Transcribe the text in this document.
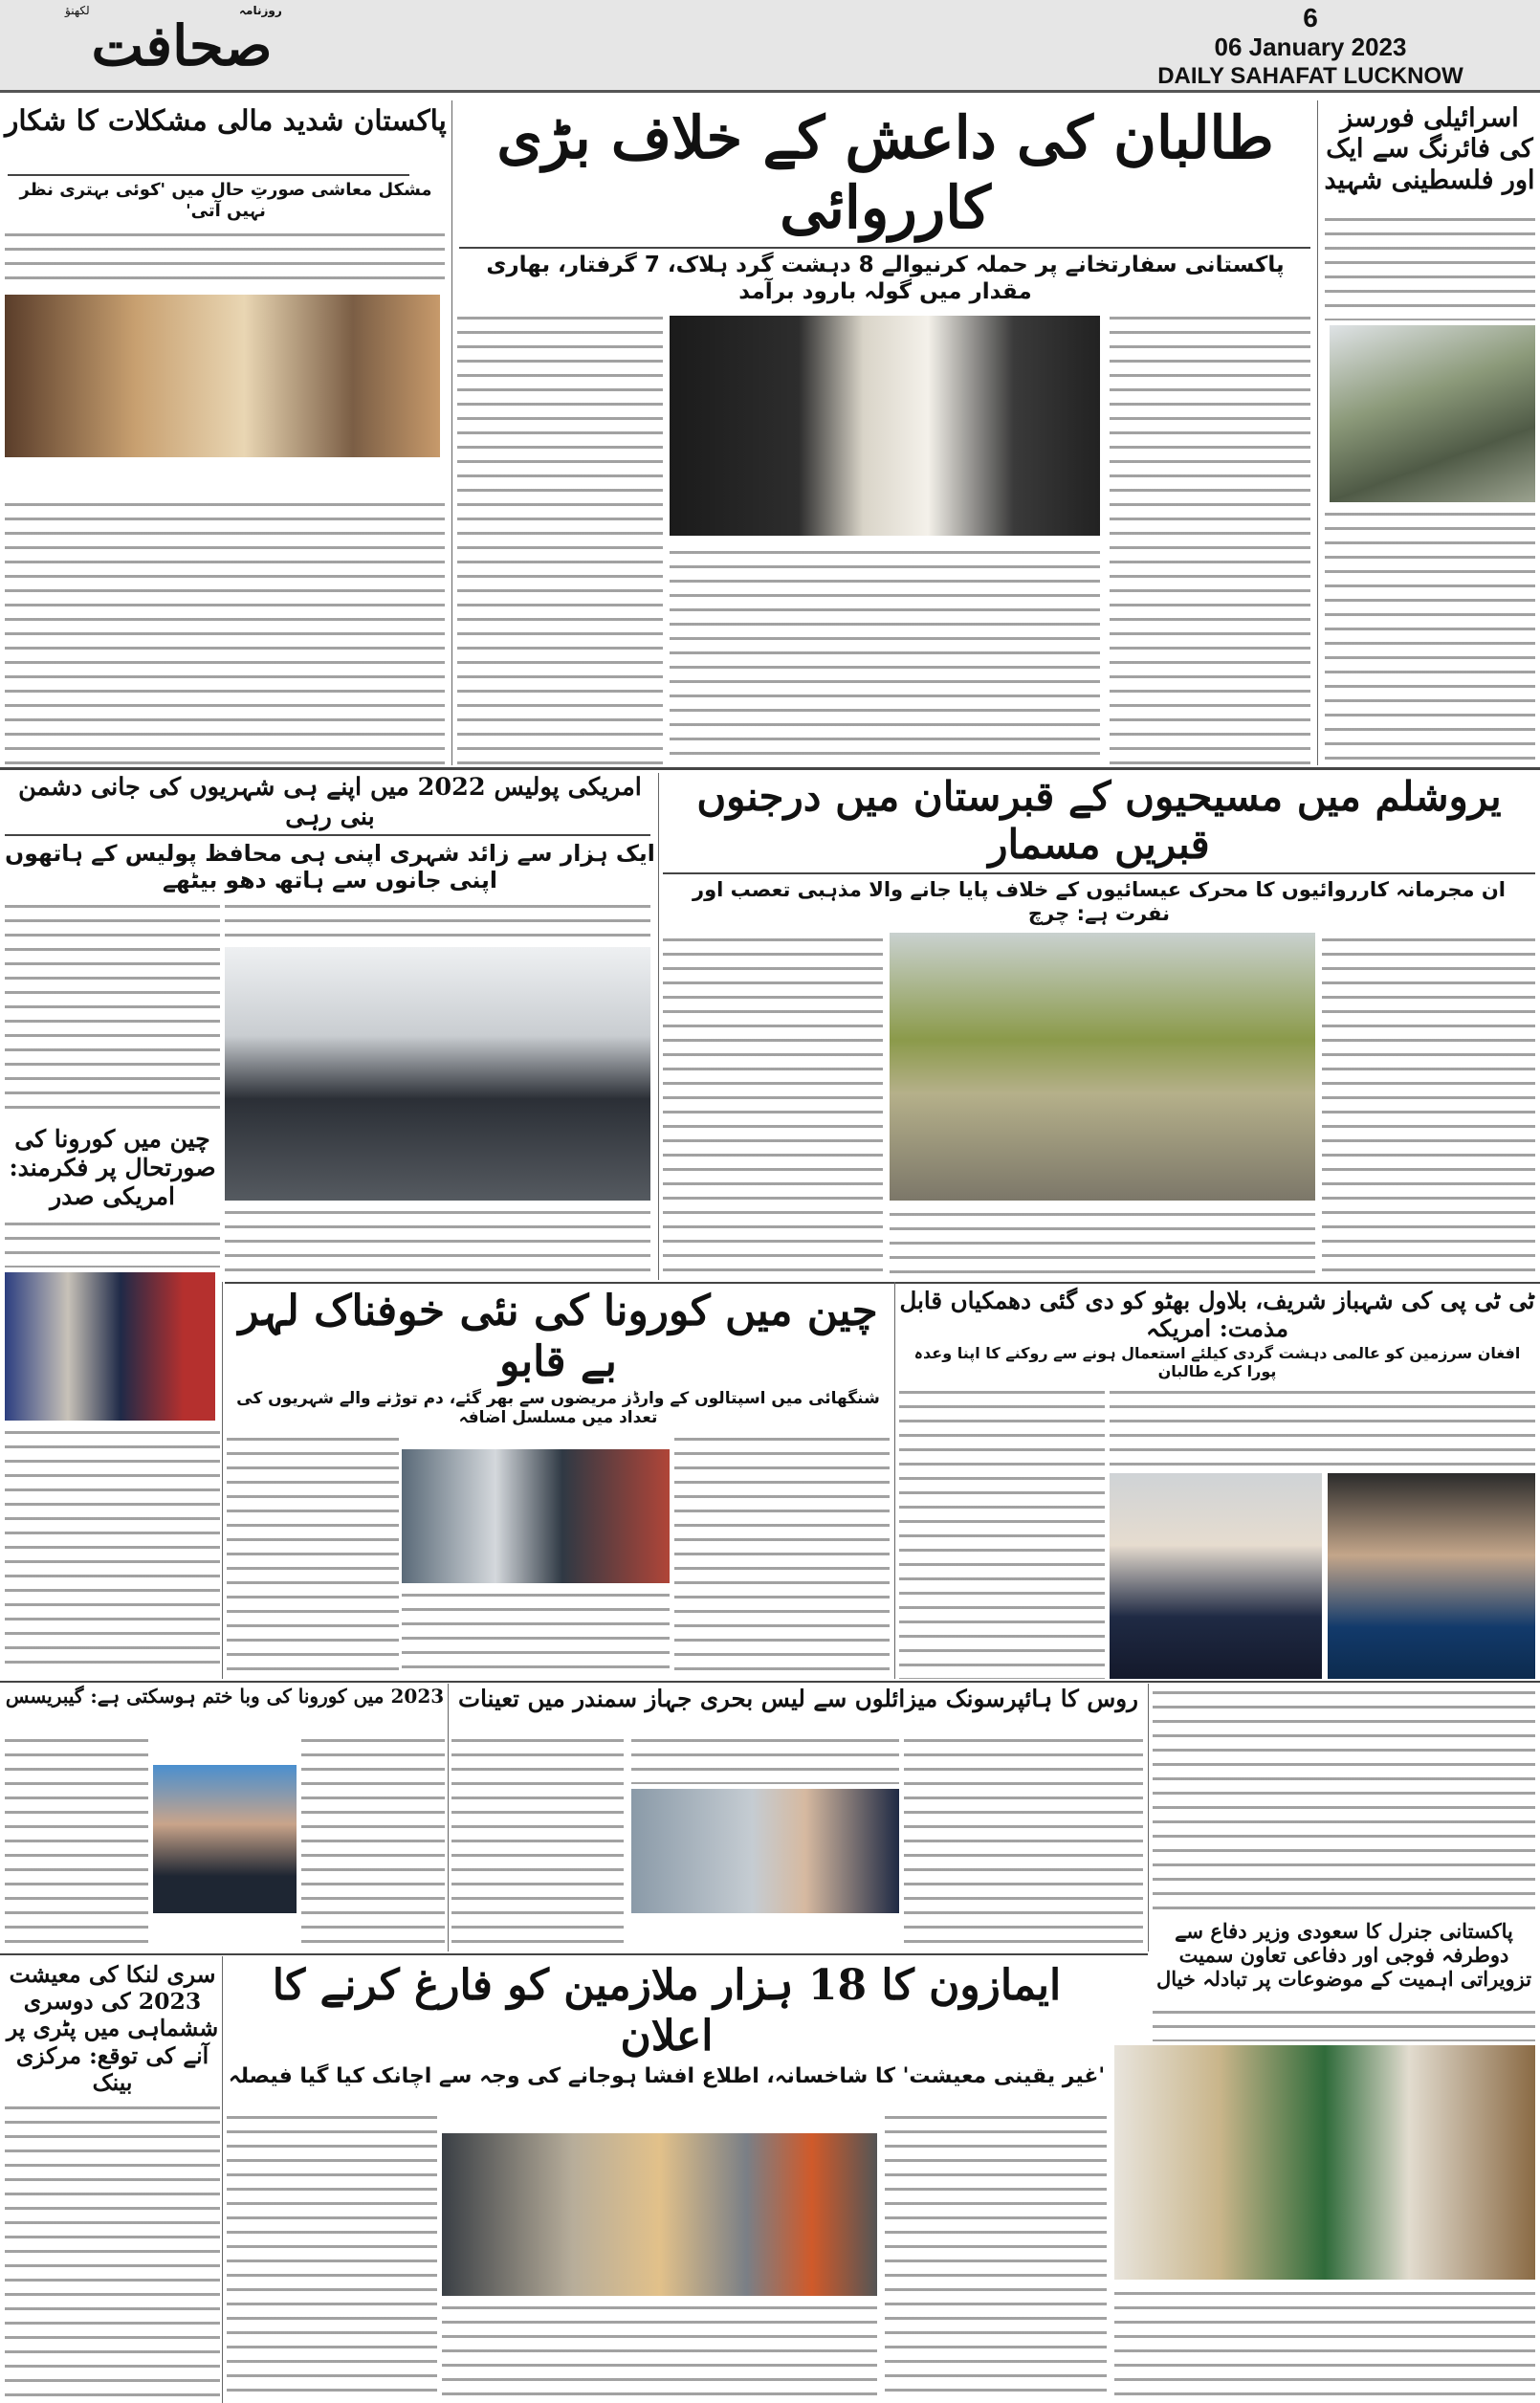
صحافت
روزنامہ
لکھنؤ	6
06 January 2023
DAILY SAHAFAT LUCKNOW
پاکستان شدید مالی مشکلات کا شکار
مشکل معاشی صورتِ حال میں 'کوئی بہتری نظر نہیں آتی'
طالبان کی داعش کے خلاف بڑی کارروائی
پاکستانی سفارتخانے پر حملہ کرنیوالے 8 دہشت گرد ہلاک، 7 گرفتار، بھاری مقدار میں گولہ بارود برآمد
اسرائیلی فورسز کی فائرنگ سے ایک اور فلسطینی شہید
امریکی پولیس 2022 میں اپنے ہی شہریوں کی جانی دشمن بنی رہی
ایک ہزار سے زائد شہری اپنی ہی محافظ پولیس کے ہاتھوں اپنی جانوں سے ہاتھ دھو بیٹھے
چین میں کورونا کی صورتحال پر فکرمند: امریکی صدر
یروشلم میں مسیحیوں کے قبرستان میں درجنوں قبریں مسمار
ان مجرمانہ کارروائیوں کا محرک عیسائیوں کے خلاف پایا جانے والا مذہبی تعصب اور نفرت ہے: چرچ
چین میں کورونا کی نئی خوفناک لہر بے قابو
شنگھائی میں اسپتالوں کے وارڈز مریضوں سے بھر گئے، دم توڑنے والے شہریوں کی تعداد میں مسلسل اضافہ
ٹی ٹی پی کی شہباز شریف، بلاول بھٹو کو دی گئی دھمکیاں قابل مذمت: امریکہ
افغان سرزمین کو عالمی دہشت گردی کیلئے استعمال ہونے سے روکنے کا اپنا وعدہ پورا کرے طالبان
2023 میں کورونا کی وبا ختم ہوسکتی ہے: گیبریسس روس کا ہائپرسونک میزائلوں سے لیس بحری جہاز سمندر میں تعینات
پاکستانی جنرل کا سعودی وزیر دفاع سے دوطرفہ فوجی اور دفاعی تعاون سمیت تزویراتی اہمیت کے موضوعات پر تبادلہ خیال
سری لنکا کی معیشت 2023 کی دوسری ششماہی میں پٹری پر آنے کی توقع: مرکزی بینک
ایمازون کا 18 ہزار ملازمین کو فارغ کرنے کا اعلان
'غیر یقینی معیشت' کا شاخسانہ، اطلاع افشا ہوجانے کی وجہ سے اچانک کیا گیا فیصلہ
